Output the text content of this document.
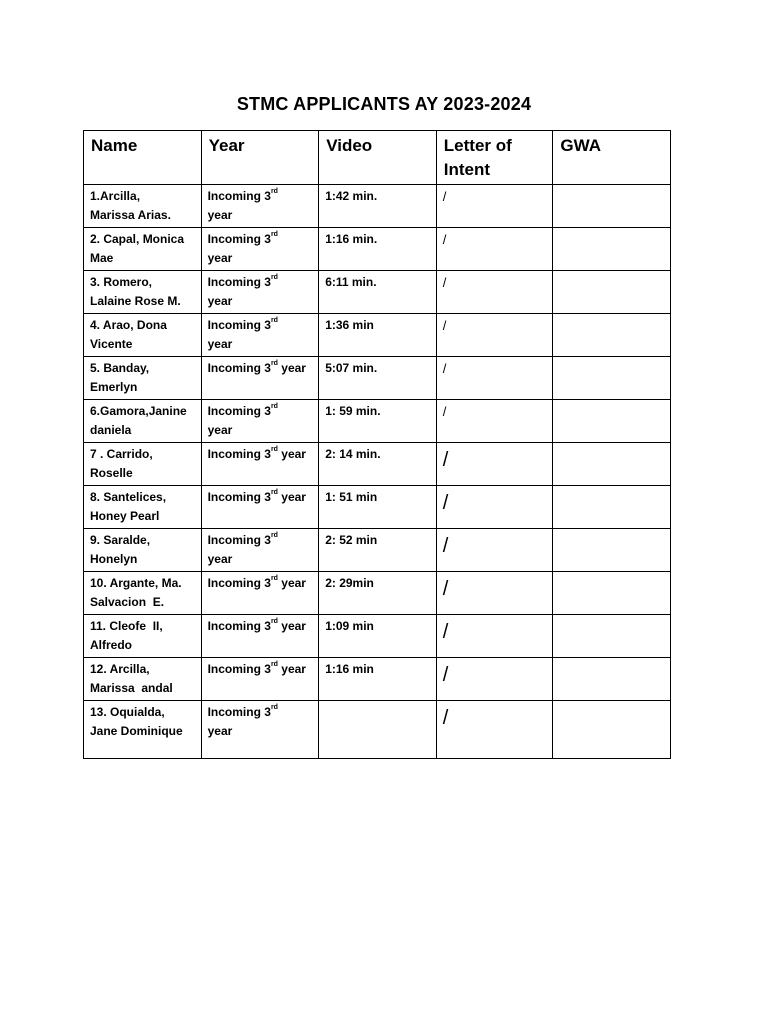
STMC APPLICANTS AY 2023-2024
Name	Year	Video	Letter of Intent	GWA
1.Arcilla,
Marissa Arias.	Incoming 3rd
year	1:42 min.	/	
2. Capal, Monica
Mae	Incoming 3rd
year	1:16 min.	/	
3. Romero,
Lalaine Rose M.	Incoming 3rd
year	6:11 min.	/	
4. Arao, Dona
Vicente	Incoming 3rd
year	1:36 min	/	
5. Banday,
Emerlyn	Incoming 3rd year	5:07 min.	/	
6.Gamora,Janine
daniela	Incoming 3rd
year	1: 59 min.	/	
7 . Carrido,
Roselle	Incoming 3rd year	2: 14 min.	/	
8. Santelices,
Honey Pearl	Incoming 3rd year	1: 51 min	/	
9. Saralde,
Honelyn	Incoming 3rd
year	2: 52 min	/	
10. Argante, Ma.
Salvacion  E.	Incoming 3rd year	2: 29min	/	
11. Cleofe  II,
Alfredo	Incoming 3rd year	1:09 min	/	
12. Arcilla,
Marissa  andal	Incoming 3rd year	1:16 min	/	
13. Oquialda,
Jane Dominique	Incoming 3rd
year		/	
